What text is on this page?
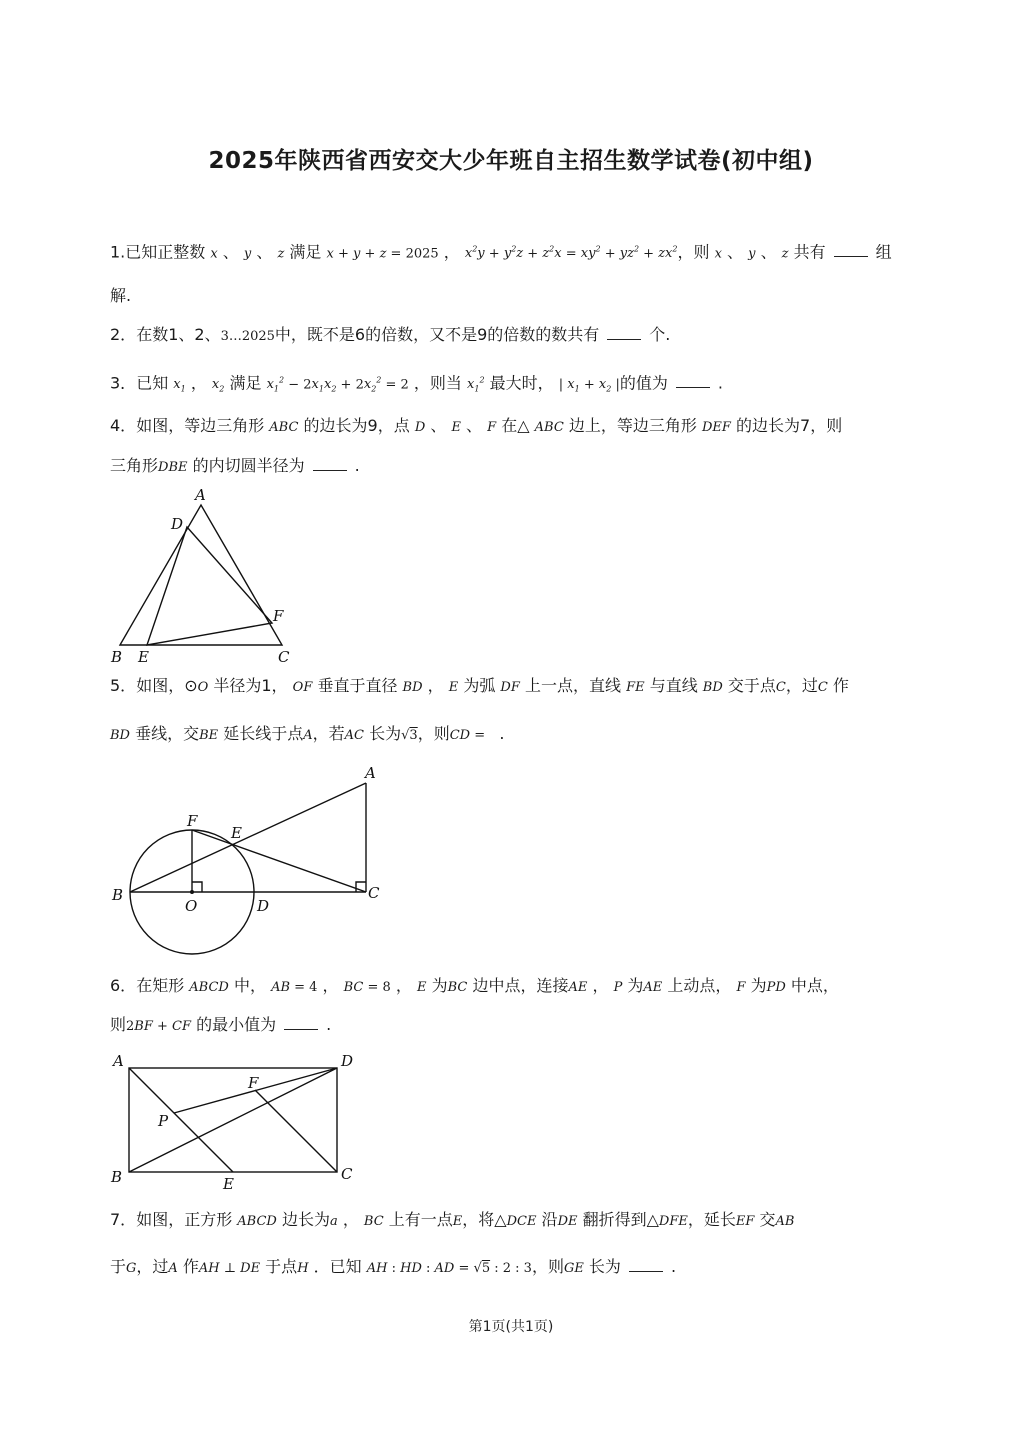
2025年陕西省西安交大少年班自主招生数学试卷(初中组)
1.已知正整数 x 、 y 、 z 满足 x + y + z = 2025 ， $x^2y + y^2z + z^2x = xy^2 + yz^2 + zx^2$，则 x 、 y 、 z 共有	组
解.
2．在数1、2、3…2025中，既不是6的倍数，又不是9的倍数的数共有	个.
3．已知 $x_1$ ， $x_2$ 满足 $x_1^2 - 2x_1x_2 + 2x_2^2 = 2$ ，则当 $x_1^2$ 最大时， | $x_1 + x_2$ |的值为	.
4．如图，等边三角形 ABC 的边长为9，点 D 、 E 、 F 在△ ABC 边上，等边三角形 DEF 的边长为7，则
三角形DBE 的内切圆半径为	.
A
D
F
B E	C
5．如图，⊙O 半径为1， OF 垂直于直径 BD ， E 为弧 DF 上一点，直线 FE 与直线 BD 交于点C，过C 作
BD 垂线，交BE 延长线于点A，若AC 长为√3，则CD =   .
A
F
E
B	C
O	D
6．在矩形 ABCD 中， AB = 4 ， BC = 8 ， E 为BC 边中点，连接AE ， P 为AE 上动点， F 为PD 中点，
则2BF + CF 的最小值为	.
A	D
F
P
B	C
E
7．如图，正方形 ABCD 边长为a ， BC 上有一点E，将△DCE 沿DE 翻折得到△DFE，延长EF 交AB
于G，过A 作AH ⊥ DE 于点H ．已知 AH : HD : AD = √5 : 2 : 3，则GE 长为	.
第1页(共1页)
